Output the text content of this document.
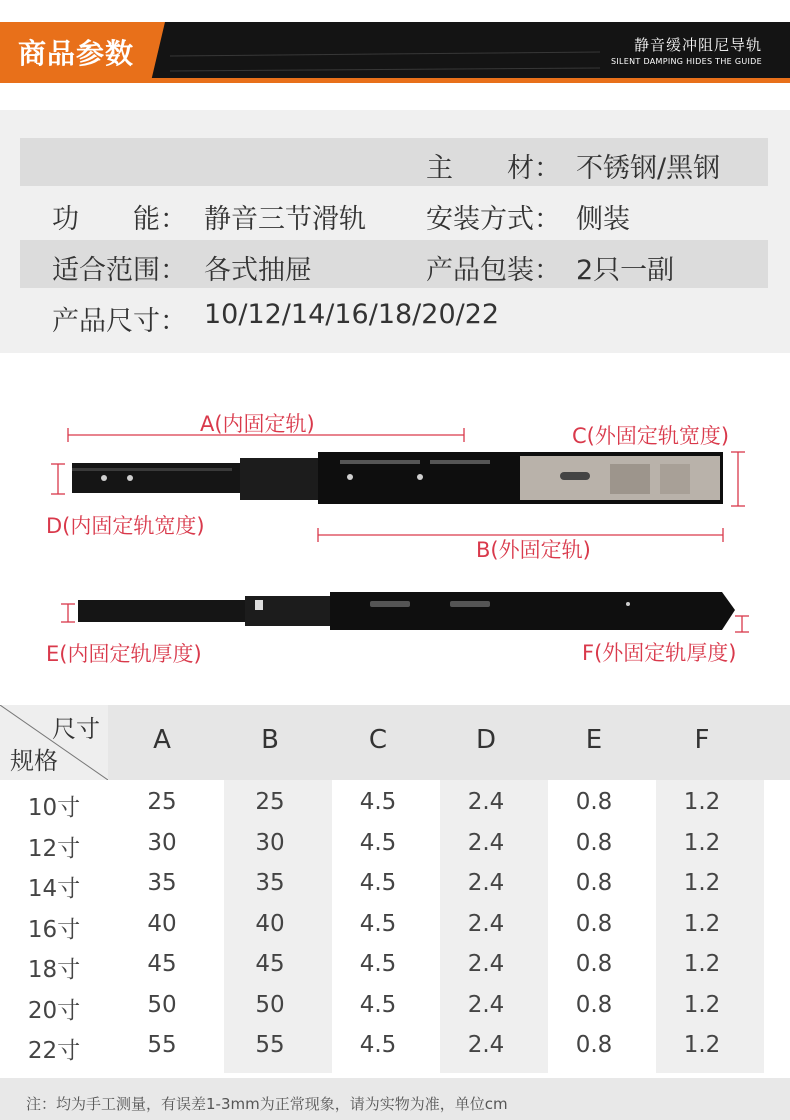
商品参数	静音缓冲阻尼导轨
SILENT DAMPING HIDES THE GUIDE
主　　材： 不锈钢/黑钢
功　　能： 静音三节滑轨 安装方式： 侧装
适合范围： 各式抽屉	产品包装： 2只一副
产品尺寸： 10/12/14/16/18/20/22
A(内固定轨)	C(外固定轨宽度)
D(内固定轨宽度)
B(外固定轨)
E(内固定轨厚度)	F(外固定轨厚度)
尺寸
规格
A	B	C	D	E	F
10寸	25	25	4.5	2.4	0.8	1.2
12寸	30	30	4.5	2.4	0.8	1.2
14寸	35	35	4.5	2.4	0.8	1.2
16寸	40	40	4.5	2.4	0.8	1.2
18寸	45	45	4.5	2.4	0.8	1.2
20寸	50	50	4.5	2.4	0.8	1.2
22寸	55	55	4.5	2.4	0.8	1.2
注：均为手工测量，有误差1-3mm为正常现象，请为实物为准，单位cm
